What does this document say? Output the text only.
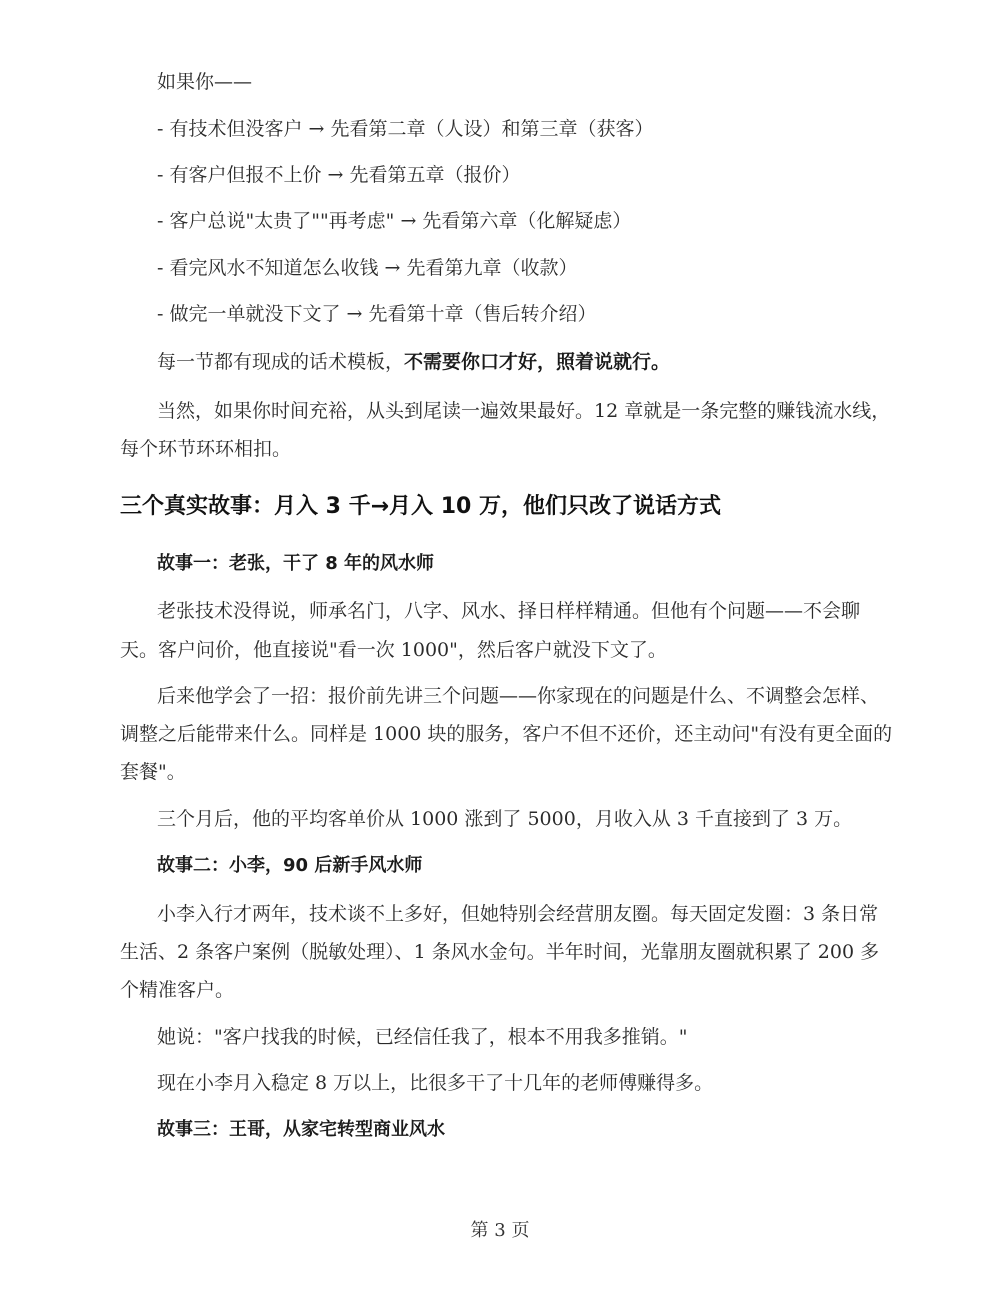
如果你——
- 有技术但没客户 → 先看第二章（人设）和第三章（获客）
- 有客户但报不上价 → 先看第五章（报价）
- 客户总说"太贵了""再考虑" → 先看第六章（化解疑虑）
- 看完风水不知道怎么收钱 → 先看第九章（收款）
- 做完一单就没下文了 → 先看第十章（售后转介绍）
每一节都有现成的话术模板，不需要你口才好，照着说就行。
当然，如果你时间充裕，从头到尾读一遍效果最好。12 章就是一条完整的赚钱流水线，
每个环节环环相扣。
三个真实故事：月入 3 千→月入 10 万，他们只改了说话方式
故事一：老张，干了 8 年的风水师
老张技术没得说，师承名门，八字、风水、择日样样精通。但他有个问题——不会聊
天。客户问价，他直接说"看一次 1000"，然后客户就没下文了。
后来他学会了一招：报价前先讲三个问题——你家现在的问题是什么、不调整会怎样、
调整之后能带来什么。同样是 1000 块的服务，客户不但不还价，还主动问"有没有更全面的
套餐"。
三个月后，他的平均客单价从 1000 涨到了 5000，月收入从 3 千直接到了 3 万。
故事二：小李，90 后新手风水师
小李入行才两年，技术谈不上多好，但她特别会经营朋友圈。每天固定发圈：3 条日常
生活、2 条客户案例（脱敏处理）、1 条风水金句。半年时间，光靠朋友圈就积累了 200 多
个精准客户。
她说："客户找我的时候，已经信任我了，根本不用我多推销。"
现在小李月入稳定 8 万以上，比很多干了十几年的老师傅赚得多。
故事三：王哥，从家宅转型商业风水
第 3 页
